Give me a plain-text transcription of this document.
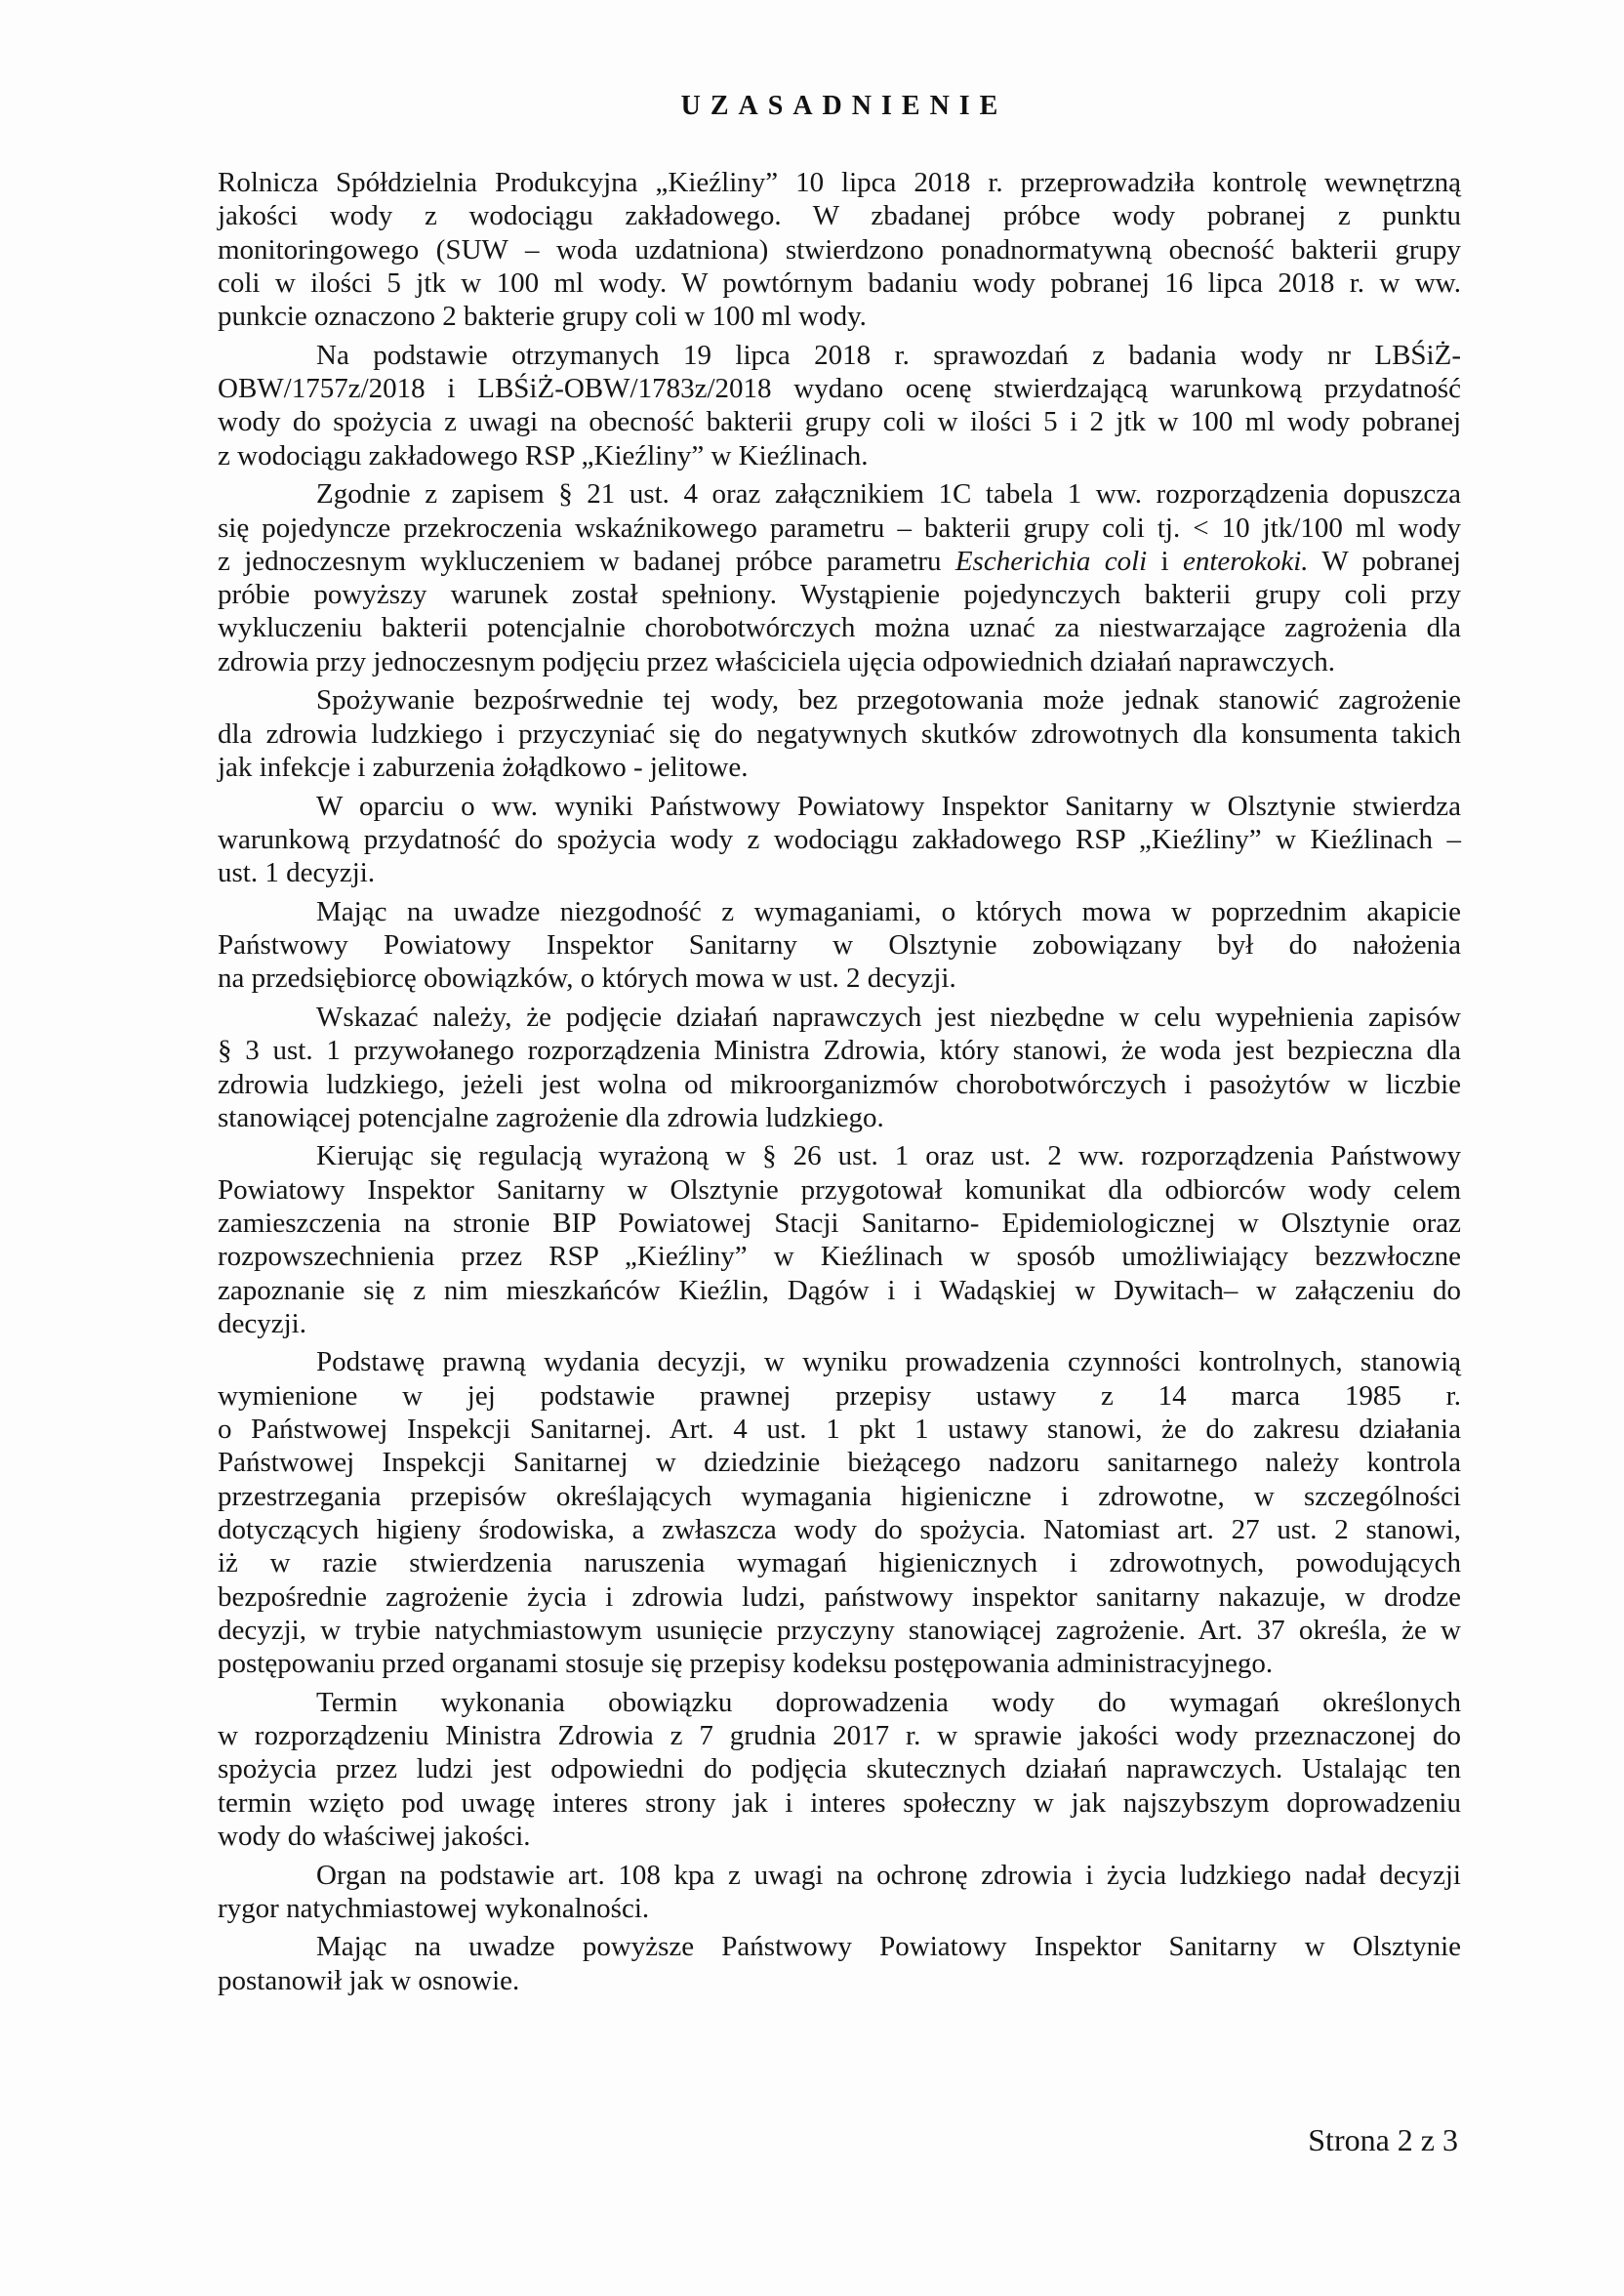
UZASADNIENIE
Rolnicza Spółdzielnia Produkcyjna „Kieźliny” 10 lipca 2018 r. przeprowadziła kontrolę wewnętrzną
jakości wody z wodociągu zakładowego. W zbadanej próbce wody pobranej z punktu
monitoringowego (SUW – woda uzdatniona) stwierdzono ponadnormatywną obecność bakterii grupy
coli w ilości 5 jtk w 100 ml wody. W powtórnym badaniu wody pobranej 16 lipca 2018 r. w ww.
punkcie oznaczono 2 bakterie grupy coli w 100 ml wody.
Na podstawie otrzymanych 19 lipca 2018 r. sprawozdań z badania wody nr LBŚiŻ-
OBW/1757z/2018 i LBŚiŻ-OBW/1783z/2018 wydano ocenę stwierdzającą warunkową przydatność
wody do spożycia z uwagi na obecność bakterii grupy coli w ilości 5 i 2 jtk w 100 ml wody pobranej
z wodociągu zakładowego RSP „Kieźliny” w Kieźlinach.
Zgodnie z zapisem § 21 ust. 4 oraz załącznikiem 1C tabela 1 ww. rozporządzenia dopuszcza
się pojedyncze przekroczenia wskaźnikowego parametru – bakterii grupy coli tj. < 10 jtk/100 ml wody
z jednoczesnym wykluczeniem w badanej próbce parametru Escherichia coli i enterokoki. W pobranej
próbie powyższy warunek został spełniony. Wystąpienie pojedynczych bakterii grupy coli przy
wykluczeniu bakterii potencjalnie chorobotwórczych można uznać za niestwarzające zagrożenia dla
zdrowia przy jednoczesnym podjęciu przez właściciela ujęcia odpowiednich działań naprawczych.
Spożywanie bezpośrwednie tej wody, bez przegotowania może jednak stanowić zagrożenie
dla zdrowia ludzkiego i przyczyniać się do negatywnych skutków zdrowotnych dla konsumenta takich
jak infekcje i zaburzenia żołądkowo - jelitowe.
W oparciu o ww. wyniki Państwowy Powiatowy Inspektor Sanitarny w Olsztynie stwierdza
warunkową przydatność do spożycia wody z wodociągu zakładowego RSP „Kieźliny” w Kieźlinach –
ust. 1 decyzji.
Mając na uwadze niezgodność z wymaganiami, o których mowa w poprzednim akapicie
Państwowy Powiatowy Inspektor Sanitarny w Olsztynie zobowiązany był do nałożenia
na przedsiębiorcę obowiązków, o których mowa w ust. 2 decyzji.
Wskazać należy, że podjęcie działań naprawczych jest niezbędne w celu wypełnienia zapisów
§ 3 ust. 1 przywołanego rozporządzenia Ministra Zdrowia, który stanowi, że woda jest bezpieczna dla
zdrowia ludzkiego, jeżeli jest wolna od mikroorganizmów chorobotwórczych i pasożytów w liczbie
stanowiącej potencjalne zagrożenie dla zdrowia ludzkiego.
Kierując się regulacją wyrażoną w § 26 ust. 1 oraz ust. 2 ww. rozporządzenia Państwowy
Powiatowy Inspektor Sanitarny w Olsztynie przygotował komunikat dla odbiorców wody celem
zamieszczenia na stronie BIP Powiatowej Stacji Sanitarno- Epidemiologicznej w Olsztynie oraz
rozpowszechnienia przez RSP „Kieźliny” w Kieźlinach w sposób umożliwiający bezzwłoczne
zapoznanie się z nim mieszkańców Kieźlin, Dągów i i Wadąskiej w Dywitach– w załączeniu do
decyzji.
Podstawę prawną wydania decyzji, w wyniku prowadzenia czynności kontrolnych, stanowią
wymienione w jej podstawie prawnej przepisy ustawy z 14 marca 1985 r.
o Państwowej Inspekcji Sanitarnej. Art. 4 ust. 1 pkt 1 ustawy stanowi, że do zakresu działania
Państwowej Inspekcji Sanitarnej w dziedzinie bieżącego nadzoru sanitarnego należy kontrola
przestrzegania przepisów określających wymagania higieniczne i zdrowotne, w szczególności
dotyczących higieny środowiska, a zwłaszcza wody do spożycia. Natomiast art. 27 ust. 2 stanowi,
iż w razie stwierdzenia naruszenia wymagań higienicznych i zdrowotnych, powodujących
bezpośrednie zagrożenie życia i zdrowia ludzi, państwowy inspektor sanitarny nakazuje, w drodze
decyzji, w trybie natychmiastowym usunięcie przyczyny stanowiącej zagrożenie. Art. 37 określa, że w
postępowaniu przed organami stosuje się przepisy kodeksu postępowania administracyjnego.
Termin wykonania obowiązku doprowadzenia wody do wymagań określonych
w rozporządzeniu Ministra Zdrowia z 7 grudnia 2017 r. w sprawie jakości wody przeznaczonej do
spożycia przez ludzi jest odpowiedni do podjęcia skutecznych działań naprawczych. Ustalając ten
termin wzięto pod uwagę interes strony jak i interes społeczny w jak najszybszym doprowadzeniu
wody do właściwej jakości.
Organ na podstawie art. 108 kpa z uwagi na ochronę zdrowia i życia ludzkiego nadał decyzji
rygor natychmiastowej wykonalności.
Mając na uwadze powyższe Państwowy Powiatowy Inspektor Sanitarny w Olsztynie
postanowił jak w osnowie.
Strona 2 z 3
